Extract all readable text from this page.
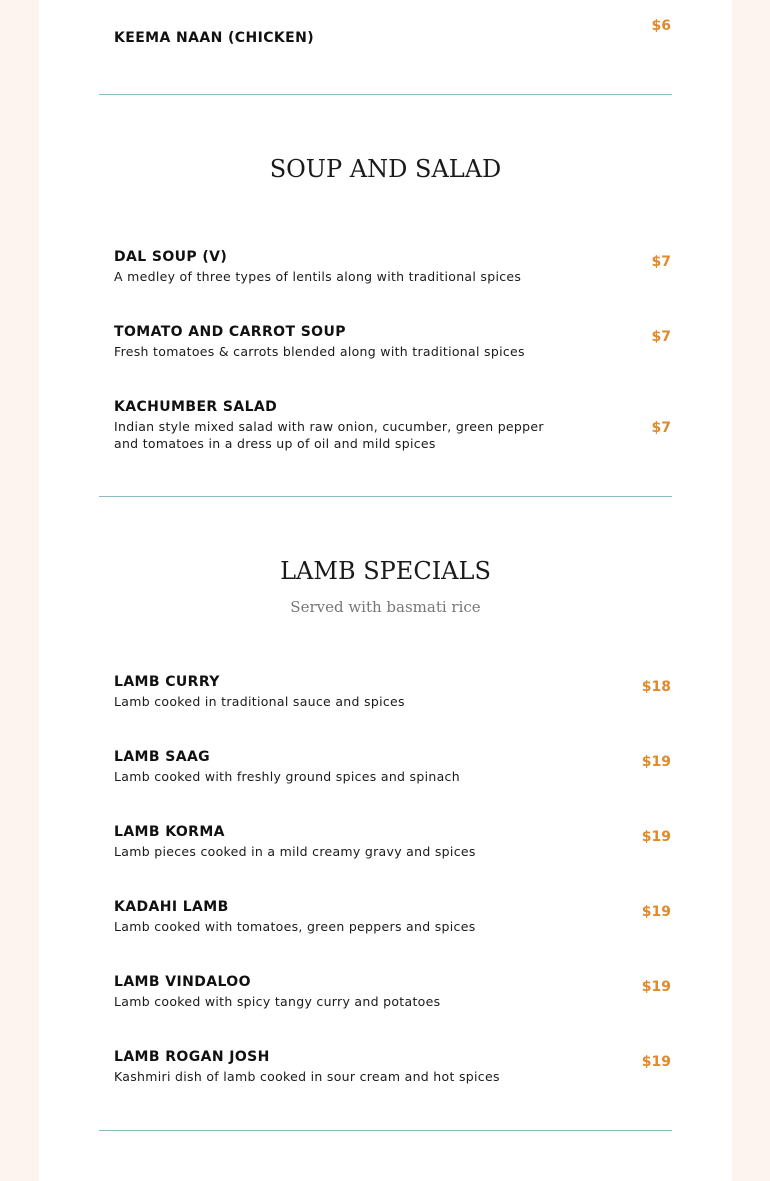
$6
KEEMA NAAN (CHICKEN)
SOUP AND SALAD
$7
DAL SOUP (V)
A medley of three types of lentils along with traditional spices
$7
TOMATO AND CARROT SOUP
Fresh tomatoes & carrots blended along with traditional spices
$7
KACHUMBER SALAD
Indian style mixed salad with raw onion, cucumber, green pepper and tomatoes in a dress up of oil and mild spices
LAMB SPECIALS
Served with basmati rice
$18
LAMB CURRY
Lamb cooked in traditional sauce and spices
$19
LAMB SAAG
Lamb cooked with freshly ground spices and spinach
$19
LAMB KORMA
Lamb pieces cooked in a mild creamy gravy and spices
$19
KADAHI LAMB
Lamb cooked with tomatoes, green peppers and spices
$19
LAMB VINDALOO
Lamb cooked with spicy tangy curry and potatoes
$19
LAMB ROGAN JOSH
Kashmiri dish of lamb cooked in sour cream and hot spices
